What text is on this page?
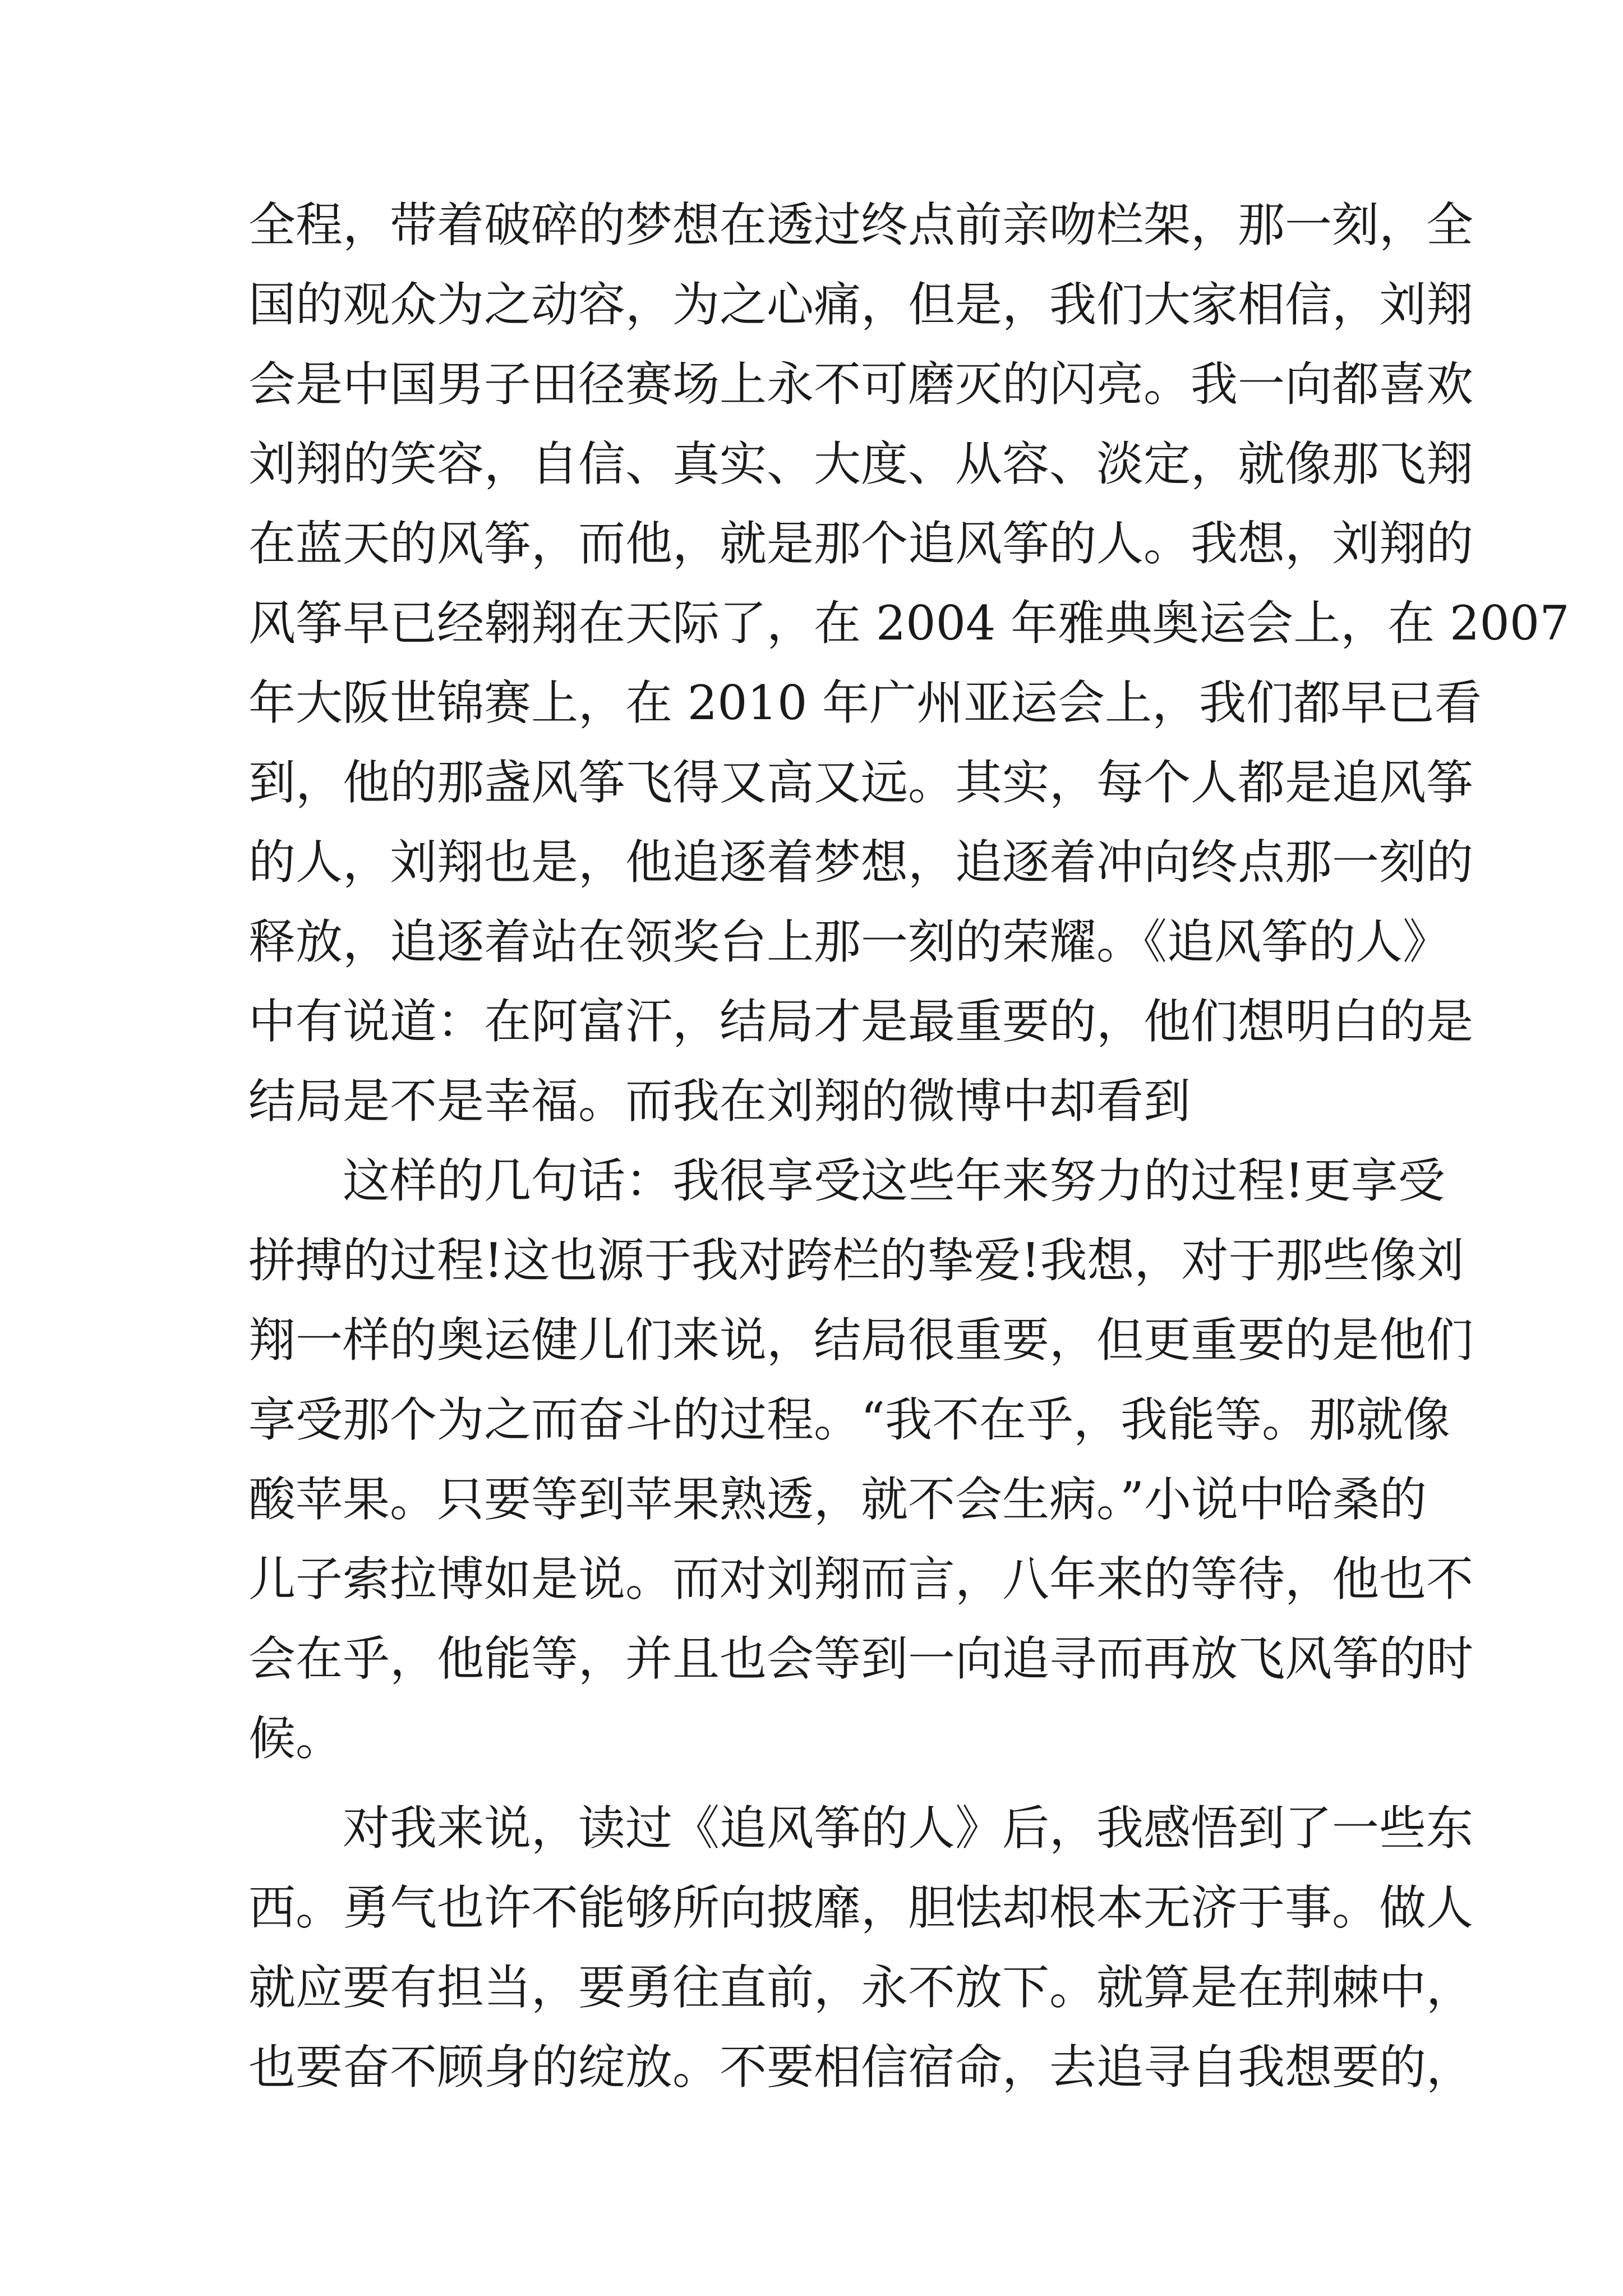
全程，带着破碎的梦想在透过终点前亲吻栏架，那一刻，全
国的观众为之动容，为之心痛，但是，我们大家相信，刘翔
会是中国男子田径赛场上永不可磨灭的闪亮。我一向都喜欢
刘翔的笑容，自信、真实、大度、从容、淡定，就像那飞翔
在蓝天的风筝，而他，就是那个追风筝的人。我想，刘翔的
风筝早已经翱翔在天际了，在 2004 年雅典奥运会上，在 2007
年大阪世锦赛上，在 2010 年广州亚运会上，我们都早已看
到，他的那盏风筝飞得又高又远。其实，每个人都是追风筝
的人，刘翔也是，他追逐着梦想，追逐着冲向终点那一刻的
释放，追逐着站在领奖台上那一刻的荣耀。《追风筝的人》
中有说道：在阿富汗，结局才是最重要的，他们想明白的是
结局是不是幸福。而我在刘翔的微博中却看到
这样的几句话：我很享受这些年来努力的过程!更享受
拼搏的过程!这也源于我对跨栏的挚爱!我想，对于那些像刘
翔一样的奥运健儿们来说，结局很重要，但更重要的是他们
享受那个为之而奋斗的过程。“我不在乎，我能等。那就像
酸苹果。只要等到苹果熟透，就不会生病。”小说中哈桑的
儿子索拉博如是说。而对刘翔而言，八年来的等待，他也不
会在乎，他能等，并且也会等到一向追寻而再放飞风筝的时
候。
对我来说，读过《追风筝的人》后，我感悟到了一些东
西。勇气也许不能够所向披靡，胆怯却根本无济于事。做人
就应要有担当，要勇往直前，永不放下。就算是在荆棘中，
也要奋不顾身的绽放。不要相信宿命，去追寻自我想要的，
